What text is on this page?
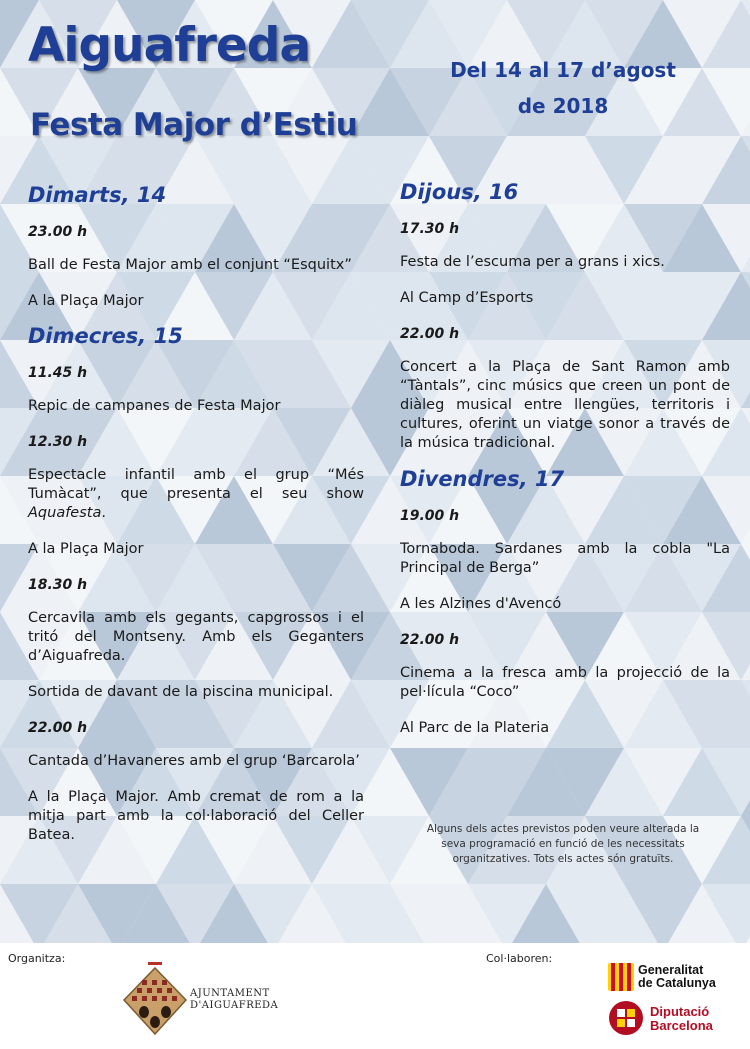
Aiguafreda
Festa Major d’Estiu
Del 14 al 17 d’agost
de 2018

Dimarts, 14

23.00 h

Ball de Festa Major amb el conjunt “Esquitx”

A la Plaça Major

Dimecres, 15

11.45 h

Repic de campanes de Festa Major

12.30 h

Espectacle infantil amb el grup “Més Tumàcat”, que presenta el seu show Aquafesta.

A la Plaça Major

18.30 h

Cercavila amb els gegants, capgrossos i el tritó del Montseny. Amb els Geganters d’Aiguafreda.

Sortida de davant de la piscina municipal.

22.00 h

Cantada d’Havaneres amb el grup ‘Barcarola’

A la Plaça Major. Amb cremat de rom a la mitja part amb la col·laboració del Celler Batea.

Dijous, 16

17.30 h

Festa de l’escuma per a grans i xics.

Al Camp d’Esports

22.00 h

Concert a la Plaça de Sant Ramon amb “Tàntals”, cinc músics que creen un pont de diàleg musical entre llengües, territoris i cultures, oferint un viatge sonor a través de la música tradicional.

Divendres, 17

19.00 h

Tornaboda. Sardanes amb la cobla "La Principal de Berga”

A les Alzines d'Avencó

22.00 h

Cinema a la fresca amb la projecció de la pel·lícula “Coco”

Al Parc de la Plateria

Alguns dels actes previstos poden veure alterada la seva programació en funció de les necessitats organitzatives. Tots els actes són gratuïts.
Organitza:	Col·laboren:
AJUNTAMENT
D'AIGUAFREDA
Generalitat
de Catalunya
Diputació
Barcelona
